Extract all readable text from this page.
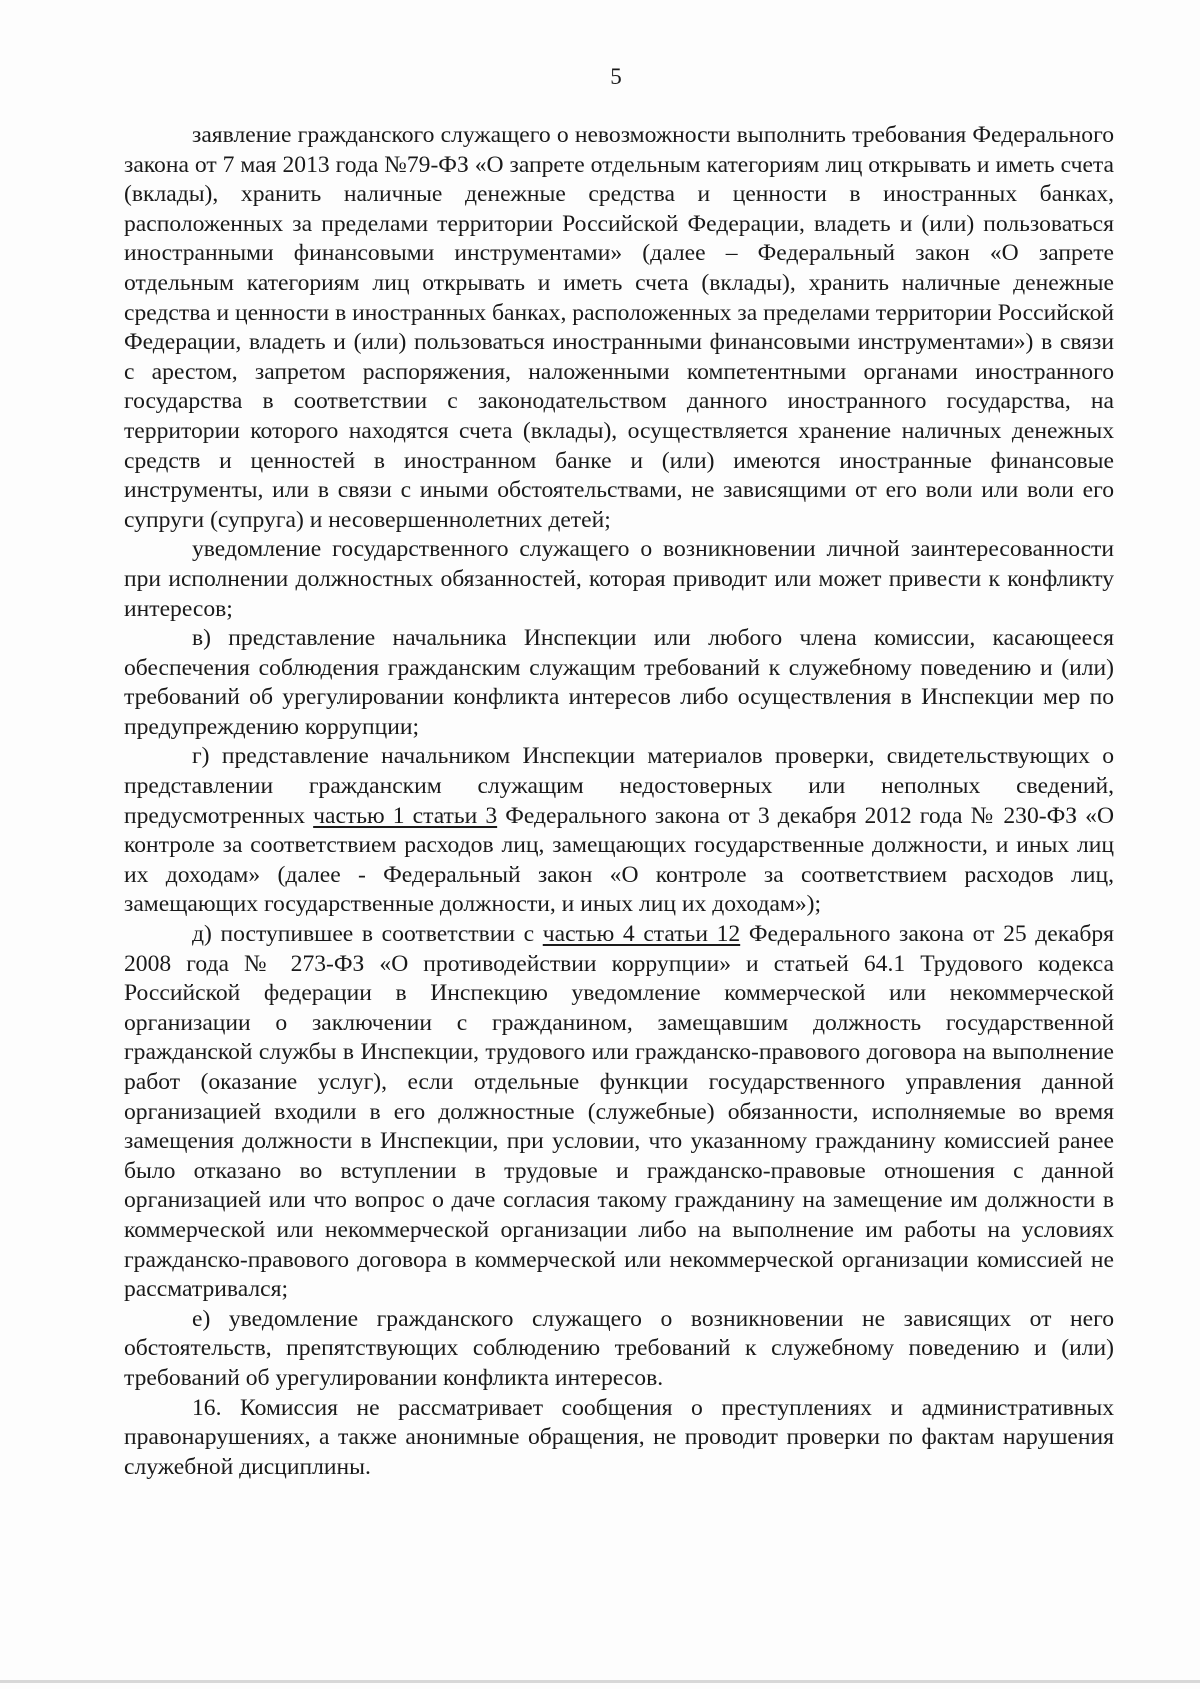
5

заявление гражданского служащего о невозможности выполнить требования Федерального закона от 7 мая 2013 года №79-ФЗ «О запрете отдельным категориям лиц открывать и иметь счета (вклады), хранить наличные денежные средства и ценности в иностранных банках, расположенных за пределами территории Российской Федерации, владеть и (или) пользоваться иностранными финансовыми инструментами» (далее – Федеральный закон «О запрете отдельным категориям лиц открывать и иметь счета (вклады), хранить наличные денежные средства и ценности в иностранных банках, расположенных за пределами территории Российской Федерации, владеть и (или) пользоваться иностранными финансовыми инструментами») в связи с арестом, запретом распоряжения, наложенными компетентными органами иностранного государства в соответствии с законодательством данного иностранного государства, на территории которого находятся счета (вклады), осуществляется хранение наличных денежных средств и ценностей в иностранном банке и (или) имеются иностранные финансовые инструменты, или в связи с иными обстоятельствами, не зависящими от его воли или воли его супруги (супруга) и несовершеннолетних детей;

уведомление государственного служащего о возникновении личной заинтересованности при исполнении должностных обязанностей, которая приводит или может привести к конфликту интересов;

в) представление начальника Инспекции или любого члена комиссии, касающееся обеспечения соблюдения гражданским служащим требований к служебному поведению и (или) требований об урегулировании конфликта интересов либо осуществления в Инспекции мер по предупреждению коррупции;

г) представление начальником Инспекции материалов проверки, свидетельствующих о представлении гражданским служащим недостоверных или неполных сведений, предусмотренных частью 1 статьи 3 Федерального закона от 3 декабря 2012 года № 230-ФЗ «О контроле за соответствием расходов лиц, замещающих государственные должности, и иных лиц их доходам» (далее - Федеральный закон «О контроле за соответствием расходов лиц, замещающих государственные должности, и иных лиц их доходам»);

д) поступившее в соответствии с частью 4 статьи 12 Федерального закона от 25 декабря 2008 года № 273-ФЗ «О противодействии коррупции» и статьей 64.1 Трудового кодекса Российской федерации в Инспекцию уведомление коммерческой или некоммерческой организации о заключении с гражданином, замещавшим должность государственной гражданской службы в Инспекции, трудового или гражданско-правового договора на выполнение работ (оказание услуг), если отдельные функции государственного управления данной организацией входили в его должностные (служебные) обязанности, исполняемые во время замещения должности в Инспекции, при условии, что указанному гражданину комиссией ранее было отказано во вступлении в трудовые и гражданско-правовые отношения с данной организацией или что вопрос о даче согласия такому гражданину на замещение им должности в коммерческой или некоммерческой организации либо на выполнение им работы на условиях гражданско-правового договора в коммерческой или некоммерческой организации комиссией не рассматривался;

е) уведомление гражданского служащего о возникновении не зависящих от него обстоятельств, препятствующих соблюдению требований к служебному поведению и (или) требований об урегулировании конфликта интересов.

16. Комиссия не рассматривает сообщения о преступлениях и административных правонарушениях, а также анонимные обращения, не проводит проверки по фактам нарушения служебной дисциплины.
